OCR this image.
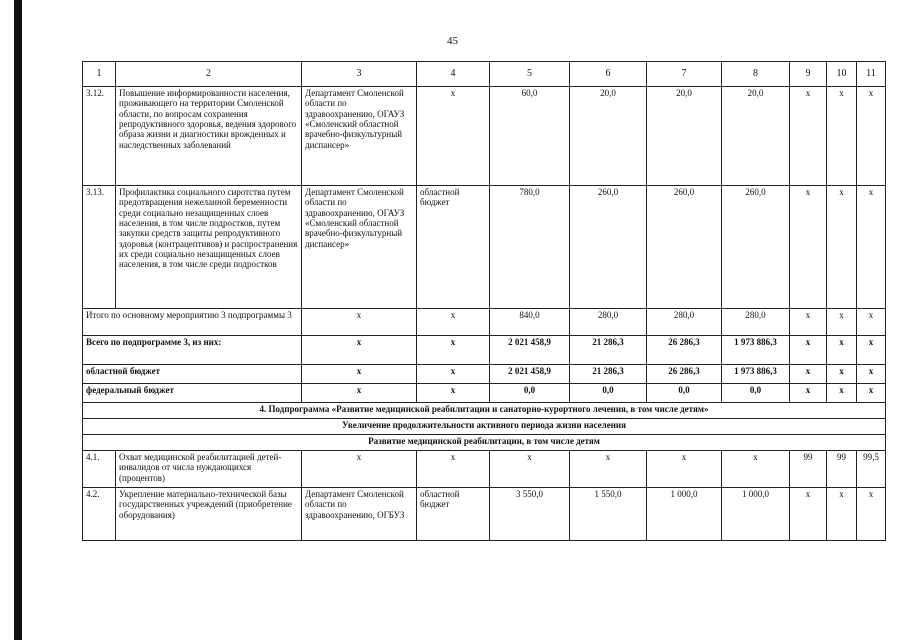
45
1	2	3	4	5	6	7	8	9	10	11
3.12.	Повышение информированности населения, проживающего на территории Смоленской области, по вопросам сохранения репродуктивного здоровья, ведения здорового образа жизни и диагностики врожденных и наследственных заболеваний	Департамент Смоленской области по здравоохранению, ОГАУЗ «Смоленский областной врачебно-физкультурный диспансер»	х	60,0	20,0	20,0	20,0	х	х	х
3.13.	Профилактика социального сиротства путем предотвращения нежеланной беременности среди социально незащищенных слоев населения, в том числе подростков, путем закупки средств защиты репродуктивного здоровья (контрацептивов) и распространения их среди социально незащищенных слоев населения, в том числе среди подростков	Департамент Смоленской области по здравоохранению, ОГАУЗ «Смоленский областной врачебно-физкультурный диспансер»	областной бюджет	780,0	260,0	260,0	260,0	х	х	х
Итого по основному мероприятию 3 подпрограммы 3		х	х	840,0	280,0	280,0	280,0	х	х	х
Всего по подпрограмме 3, из них:		х	х	2 021 458,9	21 286,3	26 286,3	1 973 886,3	х	х	х
областной бюджет		х	х	2 021 458,9	21 286,3	26 286,3	1 973 886,3	х	х	х
федеральный бюджет		х	х	0,0	0,0	0,0	0,0	х	х	х
4. Подпрограмма «Развитие медицинской реабилитации и санаторно-курортного лечения, в том числе детям»										
Увеличение продолжительности активного периода жизни населения										
Развитие медицинской реабилитации, в том числе детям										
4.1.	Охват медицинской реабилитацией детей-инвалидов от числа нуждающихся (процентов)	х	х	х	х	х	х	99	99	99,5
4.2.	Укрепление материально-технической базы государственных учреждений (приобретение оборудования)	Департамент Смоленской области по здравоохранению, ОГБУЗ	областной бюджет	3 550,0	1 550,0	1 000,0	1 000,0	х	х	х
